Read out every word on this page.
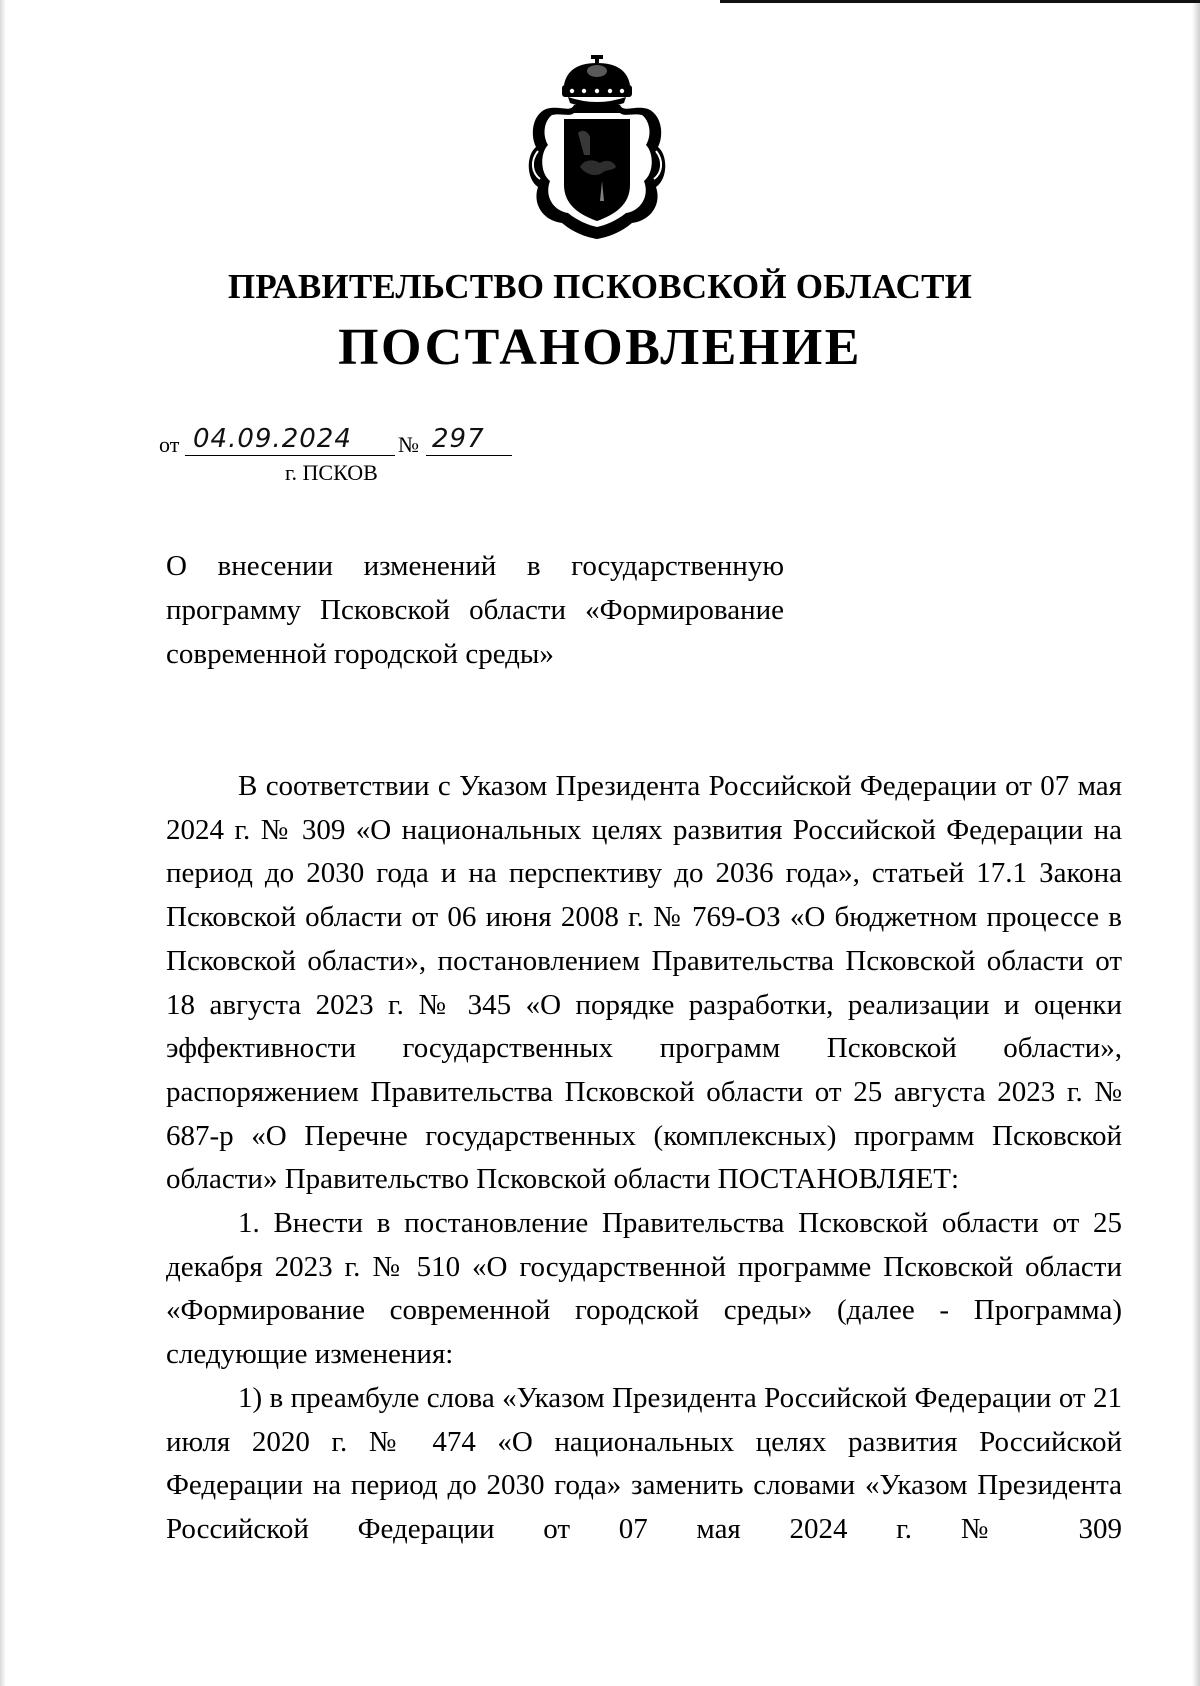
ПРАВИТЕЛЬСТВО ПСКОВСКОЙ ОБЛАСТИ
ПОСТАНОВЛЕНИЕ
от 04.09.2024	№ 297
г. ПСКОВ
О внесении изменений в государственную программу Псковской области «Формирование современной городской среды»

В соответствии с Указом Президента Российской Федерации от 07 мая 2024 г. № 309 «О национальных целях развития Российской Федерации на период до 2030 года и на перспективу до 2036 года», статьей 17.1 Закона Псковской области от 06 июня 2008 г. № 769-ОЗ «О бюджетном процессе в Псковской области», постановлением Правительства Псковской области от 18 августа 2023 г. № 345 «О порядке разработки, реализации и оценки эффективности государственных программ Псковской области», распоряжением Правительства Псковской области от 25 августа 2023 г. № 687-р «О Перечне государственных (комплексных) программ Псковской области» Правительство Псковской области ПОСТАНОВЛЯЕТ:

1. Внести в постановление Правительства Псковской области от 25 декабря 2023 г. № 510 «О государственной программе Псковской области «Формирование современной городской среды» (далее - Программа) следующие изменения:

1) в преамбуле слова «Указом Президента Российской Федерации от 21 июля 2020 г. № 474 «О национальных целях развития Российской Федерации на период до 2030 года» заменить словами «Указом Президента Российской Федерации от 07 мая 2024 г. № 309
